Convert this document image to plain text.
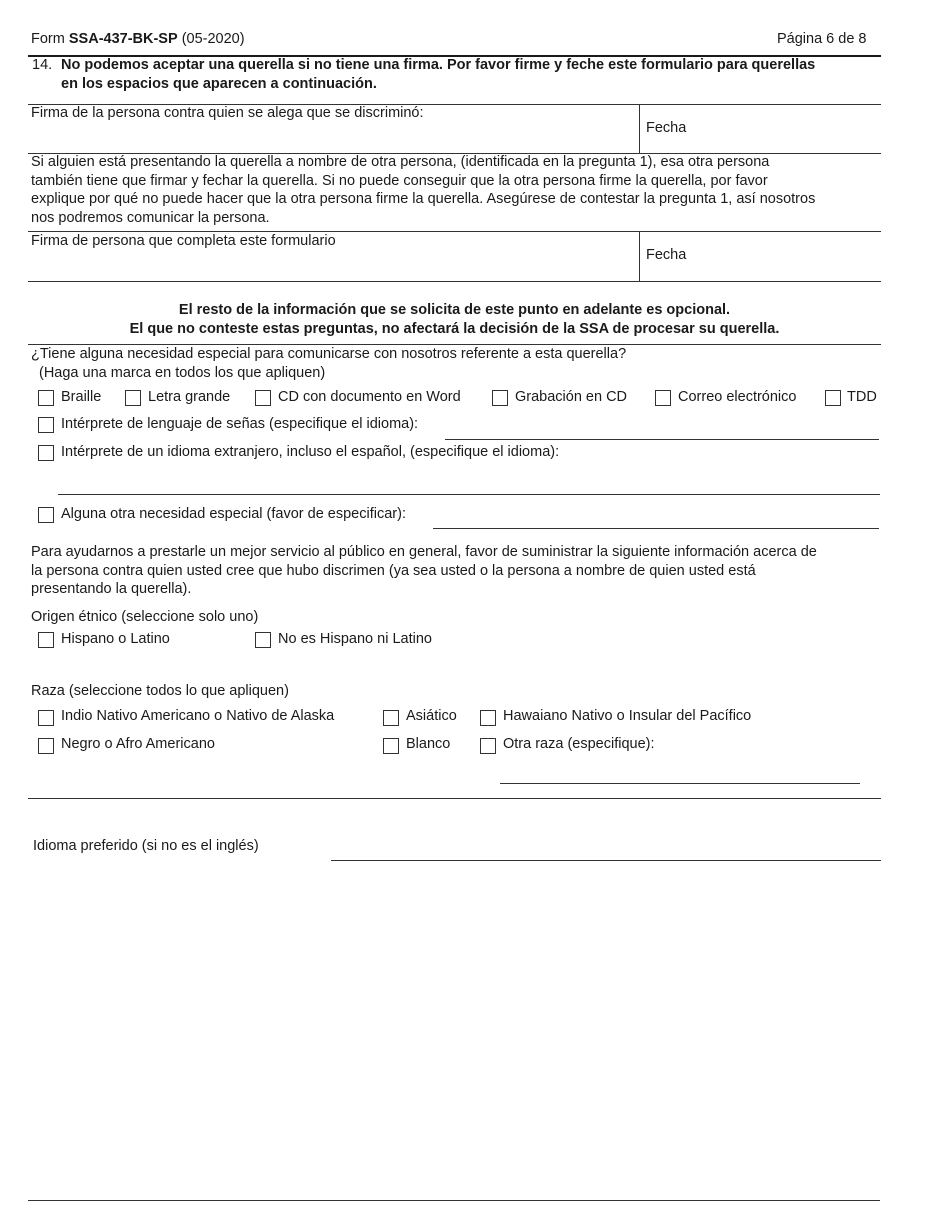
Form SSA-437-BK-SP (05-2020)	Página 6 de 8
14. No podemos aceptar una querella si no tiene una firma. Por favor firme y feche este formulario para querellas
en los espacios que aparecen a continuación.
Firma de la persona contra quien se alega que se discriminó:
Fecha
Si alguien está presentando la querella a nombre de otra persona, (identificada en la pregunta 1), esa otra persona
también tiene que firmar y fechar la querella. Si no puede conseguir que la otra persona firme la querella, por favor
explique por qué no puede hacer que la otra persona firme la querella. Asegúrese de contestar la pregunta 1, así nosotros
nos podremos comunicar la persona.
Firma de persona que completa este formulario
Fecha
El resto de la información que se solicita de este punto en adelante es opcional.
El que no conteste estas preguntas, no afectará la decisión de la SSA de procesar su querella.
¿Tiene alguna necesidad especial para comunicarse con nosotros referente a esta querella?
(Haga una marca en todos los que apliquen)
Braille	Letra grande	CD con documento en Word	Grabación en CD	Correo electrónico	TDD
Intérprete de lenguaje de señas (especifique el idioma):
Intérprete de un idioma extranjero, incluso el español, (especifique el idioma):
Alguna otra necesidad especial (favor de especificar):
Para ayudarnos a prestarle un mejor servicio al público en general, favor de suministrar la siguiente información acerca de
la persona contra quien usted cree que hubo discrimen (ya sea usted o la persona a nombre de quien usted está
presentando la querella).
Origen étnico (seleccione solo uno)
Hispano o Latino	No es Hispano ni Latino
Raza (seleccione todos lo que apliquen)
Indio Nativo Americano o Nativo de Alaska	Asiático	Hawaiano Nativo o Insular del Pacífico
Negro o Afro Americano	Blanco	Otra raza (especifique):
Idioma preferido (si no es el inglés)
